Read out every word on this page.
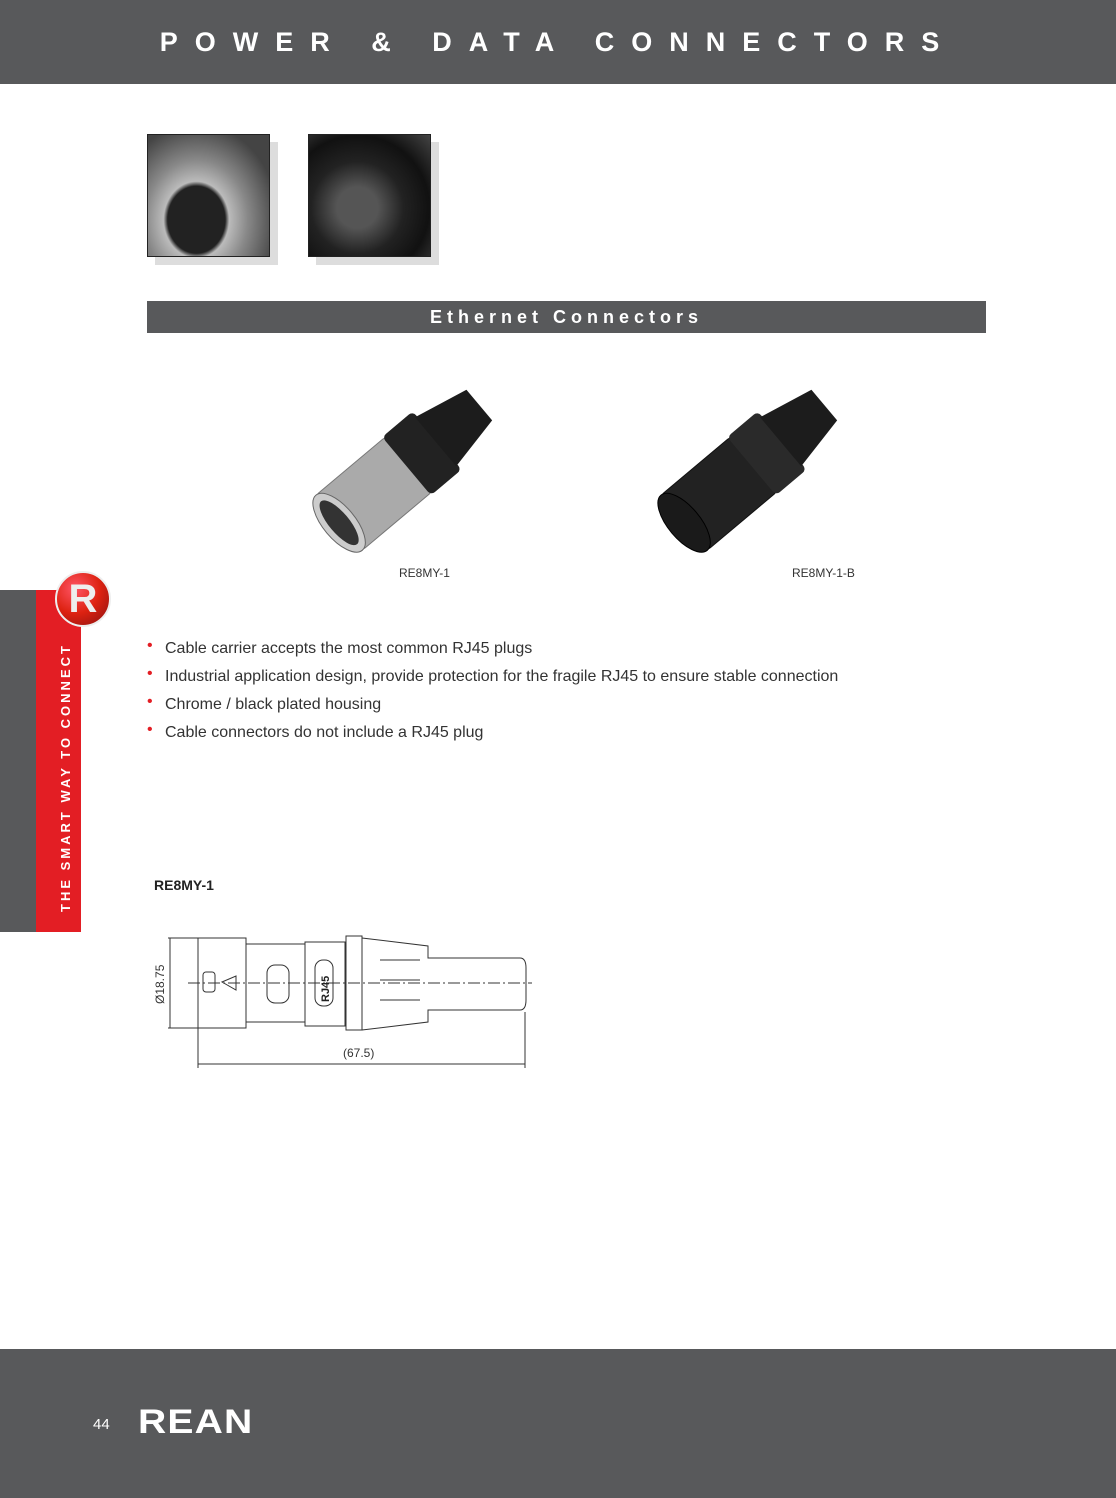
POWER & DATA CONNECTORS
Ethernet Connectors
RE8MY-1	RE8MY-1-B
THE SMART WAY TO CONNECT
R
• Cable carrier accepts the most common RJ45 plugs
• Industrial application design, provide protection for the fragile RJ45 to ensure stable connection
• Chrome / black plated housing
• Cable connectors do not include a RJ45 plug
RE8MY-1
Ø18.75
(67.5)
RJ45
44 REAN
